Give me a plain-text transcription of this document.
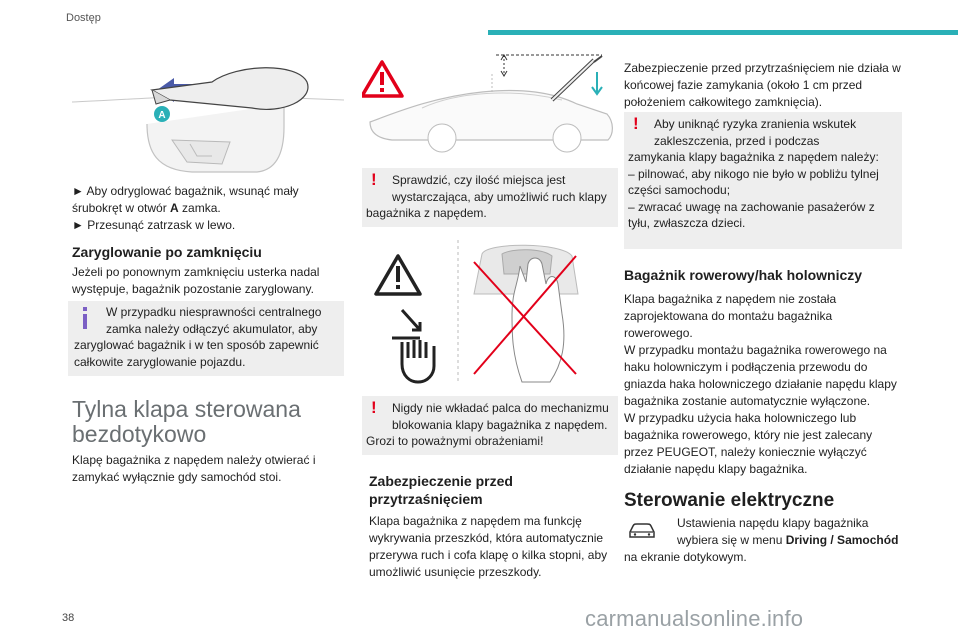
Dostęp
A

► Aby odryglować bagażnik, wsunąć mały śrubokręt w otwór A zamka.

► Przesunąć zatrzask w lewo.

Zaryglowanie po zamknięciu
Jeżeli po ponownym zamknięciu usterka nadal występuje, bagażnik pozostanie zaryglowany.
W przypadku niesprawności centralnego zamka należy odłączyć akumulator, aby
zaryglować bagażnik i w ten sposób zapewnić całkowite zaryglowanie pojazdu.
Tylna klapa sterowana bezdotykowo
Klapę bagażnika z napędem należy otwierać i zamykać wyłącznie gdy samochód stoi.
! Sprawdzić, czy ilość miejsca jest wystarczająca, aby umożliwić ruch klapy
bagażnika z napędem.
! Nigdy nie wkładać palca do mechanizmu blokowania klapy bagażnika z napędem.
Grozi to poważnymi obrażeniami!
Zabezpieczenie przed przytrzaśnięciem
Klapa bagażnika z napędem ma funkcję wykrywania przeszkód, która automatycznie przerywa ruch i cofa klapę o kilka stopni, aby umożliwić usunięcie przeszkody.
Zabezpieczenie przed przytrzaśnięciem nie działa w końcowej fazie zamykania (około 1 cm przed położeniem całkowitego zamknięcia).
! Aby uniknąć ryzyka zranienia wskutek zakleszczenia, przed i podczas

zamykania klapy bagażnika z napędem należy:

– pilnować, aby nikogo nie było w pobliżu tylnej części samochodu;

– zwracać uwagę na zachowanie pasażerów z tyłu, zwłaszcza dzieci.

Bagażnik rowerowy/hak holowniczy

Klapa bagażnika z napędem nie została zaprojektowana do montażu bagażnika rowerowego.

W przypadku montażu bagażnika rowerowego na haku holowniczym i podłączenia przewodu do gniazda haka holowniczego działanie napędu klapy bagażnika zostanie automatycznie wyłączone.

W przypadku użycia haka holowniczego lub bagażnika rowerowego, który nie jest zalecany przez PEUGEOT, należy koniecznie wyłączyć działanie napędu klapy bagażnika.

Sterowanie elektryczne
Ustawienia napędu klapy bagażnika wybiera się w menu Driving / Samochód
na ekranie dotykowym.
38	carmanualsonline.info
